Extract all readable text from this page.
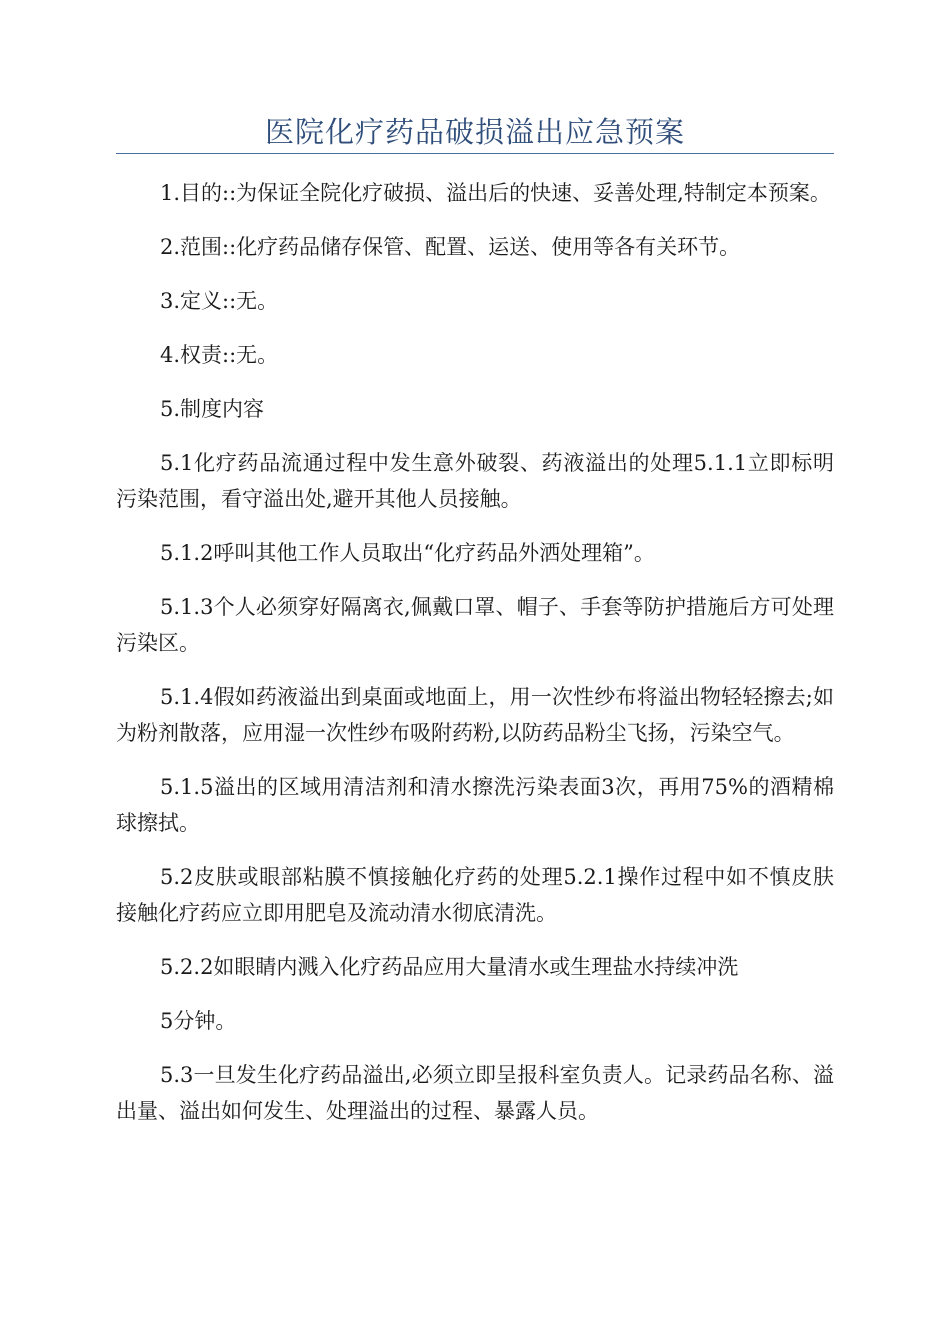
医院化疗药品破损溢出应急预案

1.目的::为保证全院化疗破损、溢出后的快速、妥善处理,特制定本预案。

2.范围::化疗药品储存保管、配置、运送、使用等各有关环节。

3.定义::无。

4.权责::无。

5.制度内容

5.1化疗药品流通过程中发生意外破裂、药液溢出的处理5.1.1立即标明污染范围，看守溢出处,避开其他人员接触。

5.1.2呼叫其他工作人员取出“化疗药品外洒处理箱”。

5.1.3个人必须穿好隔离衣,佩戴口罩、帽子、手套等防护措施后方可处理污染区。

5.1.4假如药液溢出到桌面或地面上，用一次性纱布将溢出物轻轻擦去;如为粉剂散落，应用湿一次性纱布吸附药粉,以防药品粉尘飞扬，污染空气。

5.1.5溢出的区域用清洁剂和清水擦洗污染表面3次，再用75%的酒精棉球擦拭。

5.2皮肤或眼部粘膜不慎接触化疗药的处理5.2.1操作过程中如不慎皮肤接触化疗药应立即用肥皂及流动清水彻底清洗。

5.2.2如眼睛内溅入化疗药品应用大量清水或生理盐水持续冲洗

5分钟。

5.3一旦发生化疗药品溢出,必须立即呈报科室负责人。记录药品名称、溢出量、溢出如何发生、处理溢出的过程、暴露人员。
